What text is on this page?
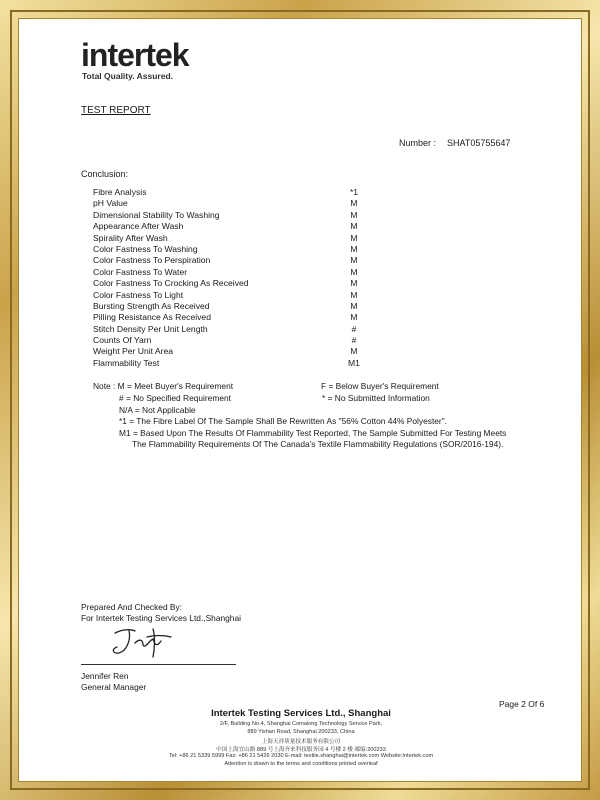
intertek
Total Quality. Assured.
TEST REPORT
Number : SHAT05755647
Conclusion:
Fibre Analysis	*1
pH Value	M
Dimensional Stability To Washing	M
Appearance After Wash	M
Spirality After Wash	M
Color Fastness To Washing	M
Color Fastness To Perspiration	M
Color Fastness To Water	M
Color Fastness To Crocking As Received	M
Color Fastness To Light	M
Bursting Strength As Received	M
Pilling Resistance As Received	M
Stitch Density Per Unit Length	#
Counts Of Yarn	#
Weight Per Unit Area	M
Flammability Test	M1
Note : M = Meet Buyer's Requirement	F = Below Buyer's Requirement
# = No Specified Requirement	* = No Submitted Information
N/A = Not Applicable
*1 = The Fibre Label Of The Sample Shall Be Rewritten As "56% Cotton 44% Polyester".
M1 = Based Upon The Results Of Flammability Test Reported, The Sample Submitted For Testing Meets
The Flammability Requirements Of The Canada's Textile Flammability Regulations (SOR/2016-194).
Prepared And Checked By:
For Intertek Testing Services Ltd.,Shanghai
Jennifer Ren
General Manager
Page 2 Of 6
Intertek Testing Services Ltd., Shanghai
2/F, Building No.4, Shanghai Comalong Technology Service Park,
889 Yishan Road, Shanghai 200233, China
上海天祥质量技术服务有限公司
中国上海宜山路 889 号上海齐来科技服务园 4 号楼 2 楼 邮编:200233
Tel: +86 21 5339 5999 Fax: +86 21 5426 2030 E-mail: textile.shanghai@intertek.com Website:Intertek.com
Attention is drawn to the terms and conditions printed overleaf
